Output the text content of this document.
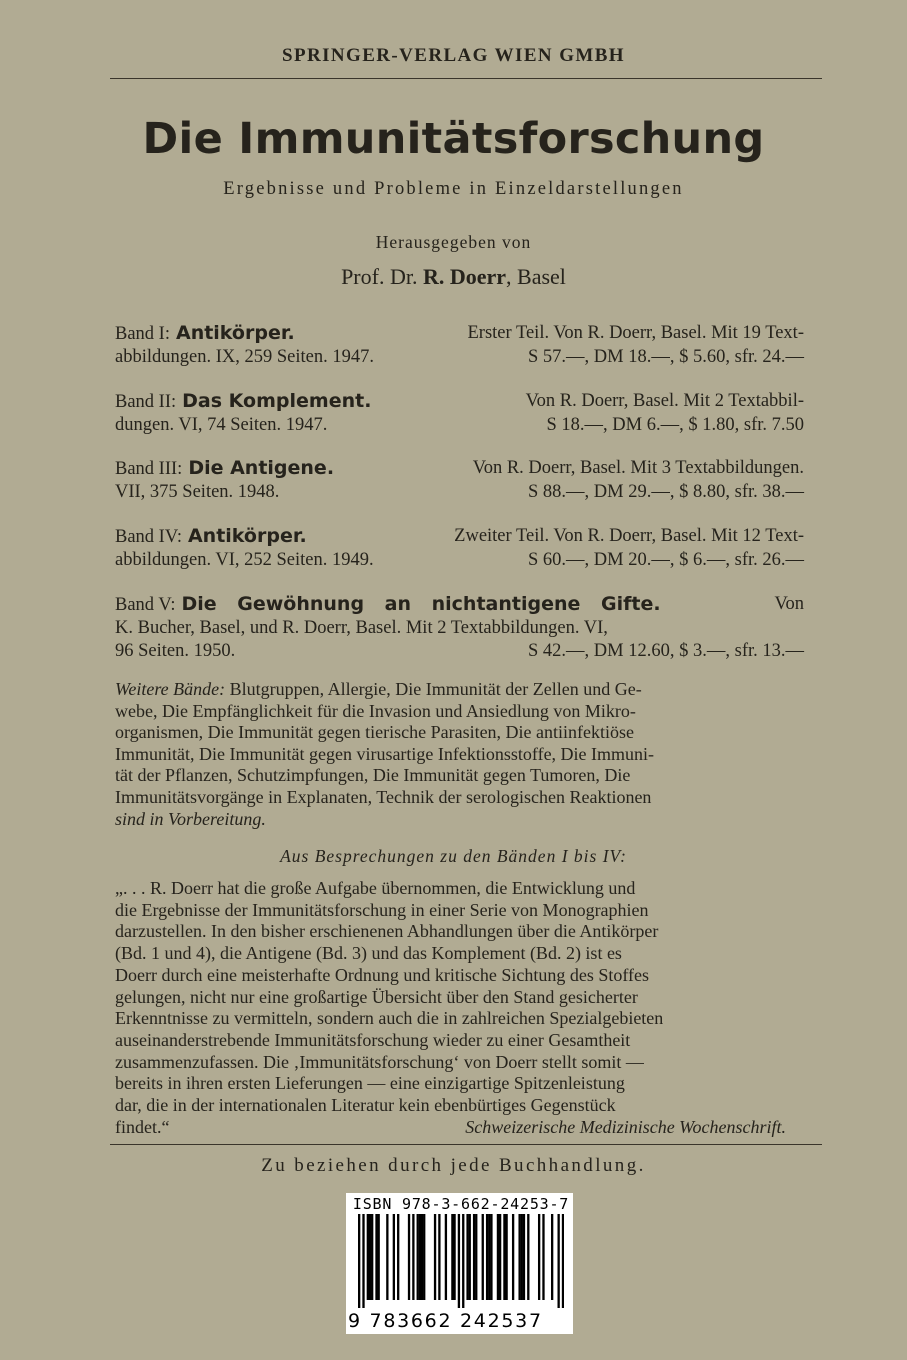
SPRINGER-VERLAG WIEN GMBH
Die Immunitätsforschung
Ergebnisse und Probleme in Einzeldarstellungen
Herausgegeben von
Prof. Dr. R. Doerr, Basel
Band I: Antikörper.	Erster Teil. Von R. Doerr, Basel. Mit 19 Text-
abbildungen. IX, 259 Seiten. 1947.	S 57.—, DM 18.—, $ 5.60, sfr. 24.—
Band II: Das Komplement.	Von R. Doerr, Basel. Mit 2 Textabbil-
dungen. VI, 74 Seiten. 1947.	S 18.—, DM 6.—, $ 1.80, sfr. 7.50
Band III: Die Antigene.	Von R. Doerr, Basel. Mit 3 Textabbildungen.
VII, 375 Seiten. 1948.	S 88.—, DM 29.—, $ 8.80, sfr. 38.—
Band IV: Antikörper.	Zweiter Teil. Von R. Doerr, Basel. Mit 12 Text-
abbildungen. VI, 252 Seiten. 1949.	S 60.—, DM 20.—, $ 6.—, sfr. 26.—
Band V: Die Gewöhnung an nichtantigene Gifte.	Von
K. Bucher, Basel, und R. Doerr, Basel. Mit 2 Textabbildungen. VI,
96 Seiten. 1950.	S 42.—, DM 12.60, $ 3.—, sfr. 13.—
Weitere Bände: Blutgruppen, Allergie, Die Immunität der Zellen und Ge-
webe, Die Empfänglichkeit für die Invasion und Ansiedlung von Mikro-
organismen, Die Immunität gegen tierische Parasiten, Die antiinfektiöse
Immunität, Die Immunität gegen virusartige Infektionsstoffe, Die Immuni-
tät der Pflanzen, Schutzimpfungen, Die Immunität gegen Tumoren, Die
Immunitätsvorgänge in Explanaten, Technik der serologischen Reaktionen
sind in Vorbereitung.
Aus Besprechungen zu den Bänden I bis IV:
„. . . R. Doerr hat die große Aufgabe übernommen, die Entwicklung und
die Ergebnisse der Immunitätsforschung in einer Serie von Monographien
darzustellen. In den bisher erschienenen Abhandlungen über die Antikörper
(Bd. 1 und 4), die Antigene (Bd. 3) und das Komplement (Bd. 2) ist es
Doerr durch eine meisterhafte Ordnung und kritische Sichtung des Stoffes
gelungen, nicht nur eine großartige Übersicht über den Stand gesicherter
Erkenntnisse zu vermitteln, sondern auch die in zahlreichen Spezialgebieten
auseinanderstrebende Immunitätsforschung wieder zu einer Gesamtheit
zusammenzufassen. Die ‚Immunitätsforschung‘ von Doerr stellt somit —
bereits in ihren ersten Lieferungen — eine einzigartige Spitzenleistung
dar, die in der internationalen Literatur kein ebenbürtiges Gegenstück
findet.“	Schweizerische Medizinische Wochenschrift.
Zu beziehen durch jede Buchhandlung.
ISBN 978-3-662-24253-7
9 783662 242537
